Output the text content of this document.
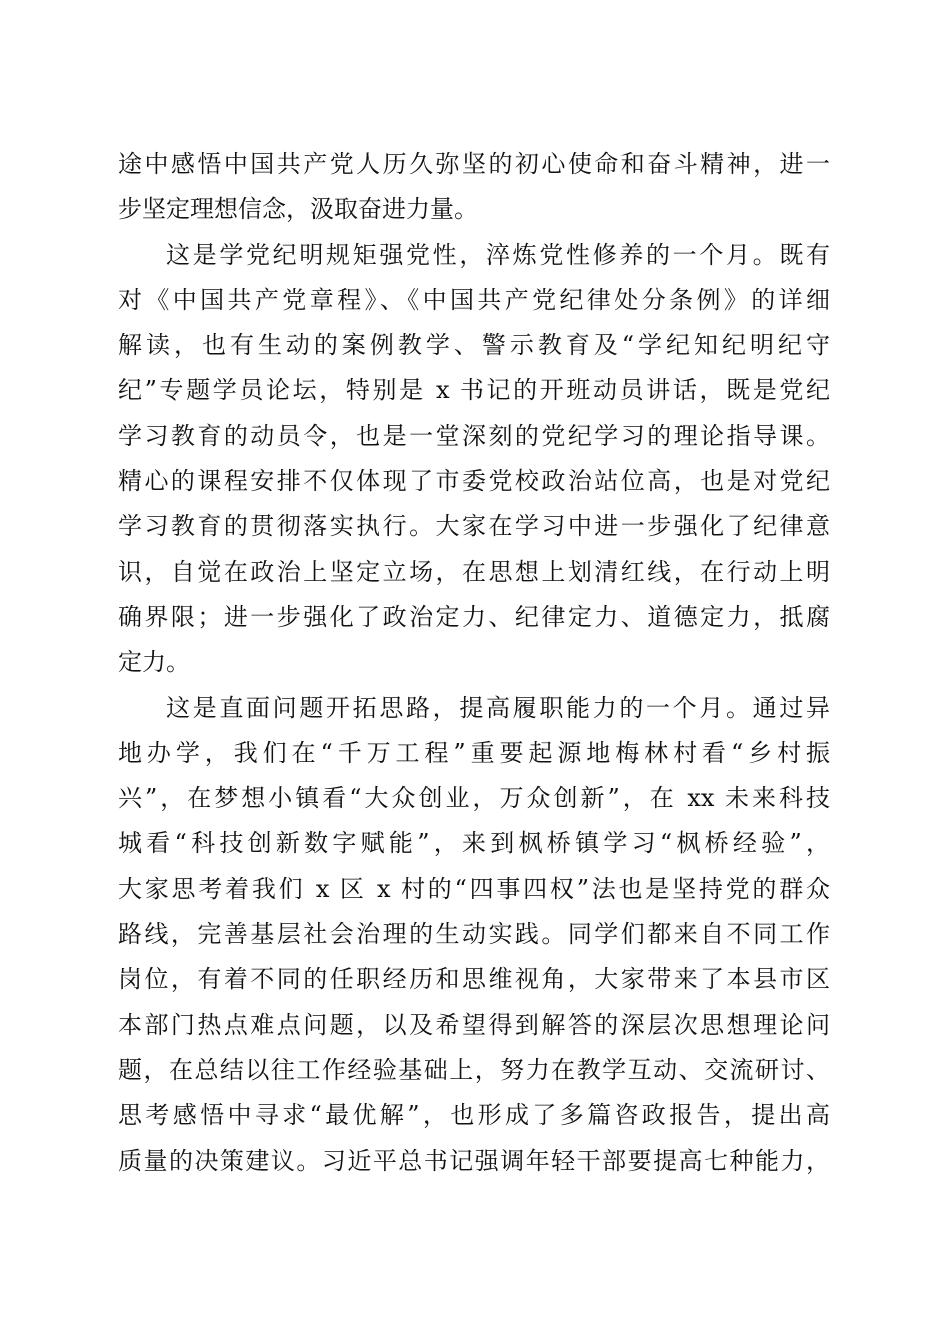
途中感悟中国共产党人历久弥坚的初心使命和奋斗精神，进一
步坚定理想信念，汲取奋进力量。
这是学党纪明规矩强党性，淬炼党性修养的一个月。既有
对《中国共产党章程》、《中国共产党纪律处分条例》的详细
解读，也有生动的案例教学、警示教育及“学纪知纪明纪守
纪”专题学员论坛，特别是 x 书记的开班动员讲话，既是党纪
学习教育的动员令，也是一堂深刻的党纪学习的理论指导课。
精心的课程安排不仅体现了市委党校政治站位高，也是对党纪
学习教育的贯彻落实执行。大家在学习中进一步强化了纪律意
识，自觉在政治上坚定立场，在思想上划清红线，在行动上明
确界限；进一步强化了政治定力、纪律定力、道德定力，抵腐
定力。
这是直面问题开拓思路，提高履职能力的一个月。通过异
地办学，我们在“千万工程”重要起源地梅林村看“乡村振
兴”，在梦想小镇看“大众创业，万众创新”，在 xx 未来科技
城看“科技创新数字赋能”，来到枫桥镇学习“枫桥经验”，
大家思考着我们 x 区 x 村的“四事四权”法也是坚持党的群众
路线，完善基层社会治理的生动实践。同学们都来自不同工作
岗位，有着不同的任职经历和思维视角，大家带来了本县市区
本部门热点难点问题，以及希望得到解答的深层次思想理论问
题，在总结以往工作经验基础上，努力在教学互动、交流研讨、
思考感悟中寻求“最优解”，也形成了多篇咨政报告，提出高
质量的决策建议。习近平总书记强调年轻干部要提高七种能力，
